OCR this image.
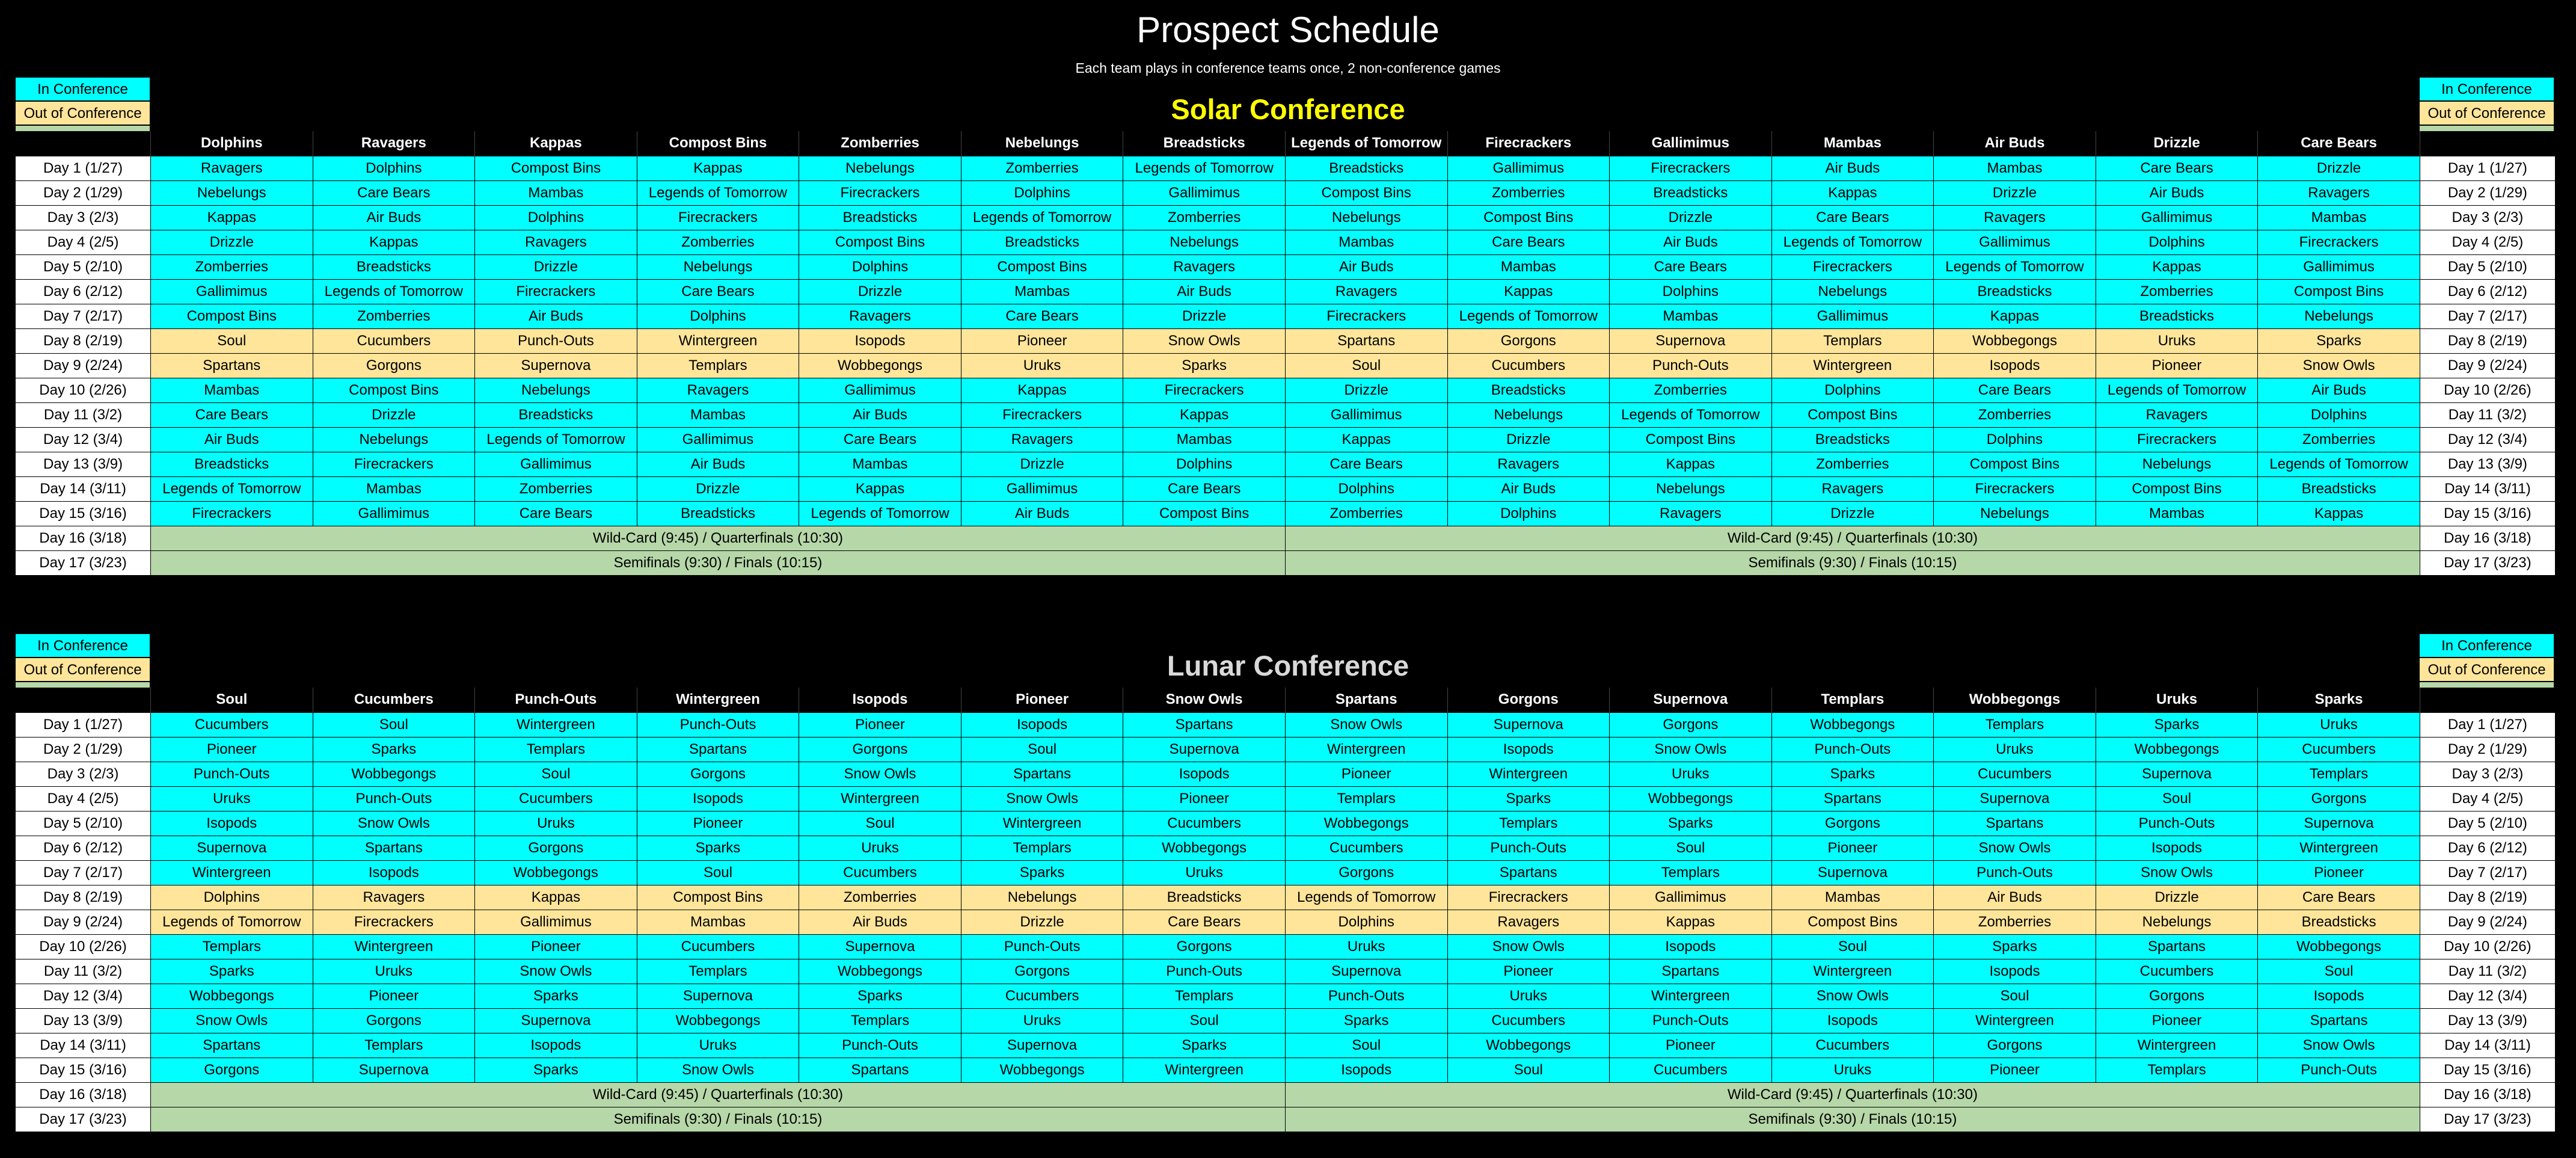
Prospect Schedule
Each team plays in conference teams once, 2 non-conference games
Solar Conference
In Conference
Out of Conference
In Conference
Out of Conference
	Dolphins	Ravagers	Kappas	Compost Bins	Zomberries	Nebelungs	Breadsticks	Legends of Tomorrow	Firecrackers	Gallimimus	Mambas	Air Buds	Drizzle	Care Bears	
Day 1 (1/27)	Ravagers	Dolphins	Compost Bins	Kappas	Nebelungs	Zomberries	Legends of Tomorrow	Breadsticks	Gallimimus	Firecrackers	Air Buds	Mambas	Care Bears	Drizzle	Day 1 (1/27)
Day 2 (1/29)	Nebelungs	Care Bears	Mambas	Legends of Tomorrow	Firecrackers	Dolphins	Gallimimus	Compost Bins	Zomberries	Breadsticks	Kappas	Drizzle	Air Buds	Ravagers	Day 2 (1/29)
Day 3 (2/3)	Kappas	Air Buds	Dolphins	Firecrackers	Breadsticks	Legends of Tomorrow	Zomberries	Nebelungs	Compost Bins	Drizzle	Care Bears	Ravagers	Gallimimus	Mambas	Day 3 (2/3)
Day 4 (2/5)	Drizzle	Kappas	Ravagers	Zomberries	Compost Bins	Breadsticks	Nebelungs	Mambas	Care Bears	Air Buds	Legends of Tomorrow	Gallimimus	Dolphins	Firecrackers	Day 4 (2/5)
Day 5 (2/10)	Zomberries	Breadsticks	Drizzle	Nebelungs	Dolphins	Compost Bins	Ravagers	Air Buds	Mambas	Care Bears	Firecrackers	Legends of Tomorrow	Kappas	Gallimimus	Day 5 (2/10)
Day 6 (2/12)	Gallimimus	Legends of Tomorrow	Firecrackers	Care Bears	Drizzle	Mambas	Air Buds	Ravagers	Kappas	Dolphins	Nebelungs	Breadsticks	Zomberries	Compost Bins	Day 6 (2/12)
Day 7 (2/17)	Compost Bins	Zomberries	Air Buds	Dolphins	Ravagers	Care Bears	Drizzle	Firecrackers	Legends of Tomorrow	Mambas	Gallimimus	Kappas	Breadsticks	Nebelungs	Day 7 (2/17)
Day 8 (2/19)	Soul	Cucumbers	Punch-Outs	Wintergreen	Isopods	Pioneer	Snow Owls	Spartans	Gorgons	Supernova	Templars	Wobbegongs	Uruks	Sparks	Day 8 (2/19)
Day 9 (2/24)	Spartans	Gorgons	Supernova	Templars	Wobbegongs	Uruks	Sparks	Soul	Cucumbers	Punch-Outs	Wintergreen	Isopods	Pioneer	Snow Owls	Day 9 (2/24)
Day 10 (2/26)	Mambas	Compost Bins	Nebelungs	Ravagers	Gallimimus	Kappas	Firecrackers	Drizzle	Breadsticks	Zomberries	Dolphins	Care Bears	Legends of Tomorrow	Air Buds	Day 10 (2/26)
Day 11 (3/2)	Care Bears	Drizzle	Breadsticks	Mambas	Air Buds	Firecrackers	Kappas	Gallimimus	Nebelungs	Legends of Tomorrow	Compost Bins	Zomberries	Ravagers	Dolphins	Day 11 (3/2)
Day 12 (3/4)	Air Buds	Nebelungs	Legends of Tomorrow	Gallimimus	Care Bears	Ravagers	Mambas	Kappas	Drizzle	Compost Bins	Breadsticks	Dolphins	Firecrackers	Zomberries	Day 12 (3/4)
Day 13 (3/9)	Breadsticks	Firecrackers	Gallimimus	Air Buds	Mambas	Drizzle	Dolphins	Care Bears	Ravagers	Kappas	Zomberries	Compost Bins	Nebelungs	Legends of Tomorrow	Day 13 (3/9)
Day 14 (3/11)	Legends of Tomorrow	Mambas	Zomberries	Drizzle	Kappas	Gallimimus	Care Bears	Dolphins	Air Buds	Nebelungs	Ravagers	Firecrackers	Compost Bins	Breadsticks	Day 14 (3/11)
Day 15 (3/16)	Firecrackers	Gallimimus	Care Bears	Breadsticks	Legends of Tomorrow	Air Buds	Compost Bins	Zomberries	Dolphins	Ravagers	Drizzle	Nebelungs	Mambas	Kappas	Day 15 (3/16)
Day 16 (3/18)	Wild-Card (9:45) / Quarterfinals (10:30)							Wild-Card (9:45) / Quarterfinals (10:30)							Day 16 (3/18)
Day 17 (3/23)	Semifinals (9:30) / Finals (10:15)							Semifinals (9:30) / Finals (10:15)							Day 17 (3/23)
Lunar Conference
In Conference
Out of Conference
In Conference
Out of Conference
	Soul	Cucumbers	Punch-Outs	Wintergreen	Isopods	Pioneer	Snow Owls	Spartans	Gorgons	Supernova	Templars	Wobbegongs	Uruks	Sparks	
Day 1 (1/27)	Cucumbers	Soul	Wintergreen	Punch-Outs	Pioneer	Isopods	Spartans	Snow Owls	Supernova	Gorgons	Wobbegongs	Templars	Sparks	Uruks	Day 1 (1/27)
Day 2 (1/29)	Pioneer	Sparks	Templars	Spartans	Gorgons	Soul	Supernova	Wintergreen	Isopods	Snow Owls	Punch-Outs	Uruks	Wobbegongs	Cucumbers	Day 2 (1/29)
Day 3 (2/3)	Punch-Outs	Wobbegongs	Soul	Gorgons	Snow Owls	Spartans	Isopods	Pioneer	Wintergreen	Uruks	Sparks	Cucumbers	Supernova	Templars	Day 3 (2/3)
Day 4 (2/5)	Uruks	Punch-Outs	Cucumbers	Isopods	Wintergreen	Snow Owls	Pioneer	Templars	Sparks	Wobbegongs	Spartans	Supernova	Soul	Gorgons	Day 4 (2/5)
Day 5 (2/10)	Isopods	Snow Owls	Uruks	Pioneer	Soul	Wintergreen	Cucumbers	Wobbegongs	Templars	Sparks	Gorgons	Spartans	Punch-Outs	Supernova	Day 5 (2/10)
Day 6 (2/12)	Supernova	Spartans	Gorgons	Sparks	Uruks	Templars	Wobbegongs	Cucumbers	Punch-Outs	Soul	Pioneer	Snow Owls	Isopods	Wintergreen	Day 6 (2/12)
Day 7 (2/17)	Wintergreen	Isopods	Wobbegongs	Soul	Cucumbers	Sparks	Uruks	Gorgons	Spartans	Templars	Supernova	Punch-Outs	Snow Owls	Pioneer	Day 7 (2/17)
Day 8 (2/19)	Dolphins	Ravagers	Kappas	Compost Bins	Zomberries	Nebelungs	Breadsticks	Legends of Tomorrow	Firecrackers	Gallimimus	Mambas	Air Buds	Drizzle	Care Bears	Day 8 (2/19)
Day 9 (2/24)	Legends of Tomorrow	Firecrackers	Gallimimus	Mambas	Air Buds	Drizzle	Care Bears	Dolphins	Ravagers	Kappas	Compost Bins	Zomberries	Nebelungs	Breadsticks	Day 9 (2/24)
Day 10 (2/26)	Templars	Wintergreen	Pioneer	Cucumbers	Supernova	Punch-Outs	Gorgons	Uruks	Snow Owls	Isopods	Soul	Sparks	Spartans	Wobbegongs	Day 10 (2/26)
Day 11 (3/2)	Sparks	Uruks	Snow Owls	Templars	Wobbegongs	Gorgons	Punch-Outs	Supernova	Pioneer	Spartans	Wintergreen	Isopods	Cucumbers	Soul	Day 11 (3/2)
Day 12 (3/4)	Wobbegongs	Pioneer	Sparks	Supernova	Sparks	Cucumbers	Templars	Punch-Outs	Uruks	Wintergreen	Snow Owls	Soul	Gorgons	Isopods	Day 12 (3/4)
Day 13 (3/9)	Snow Owls	Gorgons	Supernova	Wobbegongs	Templars	Uruks	Soul	Sparks	Cucumbers	Punch-Outs	Isopods	Wintergreen	Pioneer	Spartans	Day 13 (3/9)
Day 14 (3/11)	Spartans	Templars	Isopods	Uruks	Punch-Outs	Supernova	Sparks	Soul	Wobbegongs	Pioneer	Cucumbers	Gorgons	Wintergreen	Snow Owls	Day 14 (3/11)
Day 15 (3/16)	Gorgons	Supernova	Sparks	Snow Owls	Spartans	Wobbegongs	Wintergreen	Isopods	Soul	Cucumbers	Uruks	Pioneer	Templars	Punch-Outs	Day 15 (3/16)
Day 16 (3/18)	Wild-Card (9:45) / Quarterfinals (10:30)							Wild-Card (9:45) / Quarterfinals (10:30)							Day 16 (3/18)
Day 17 (3/23)	Semifinals (9:30) / Finals (10:15)							Semifinals (9:30) / Finals (10:15)							Day 17 (3/23)
